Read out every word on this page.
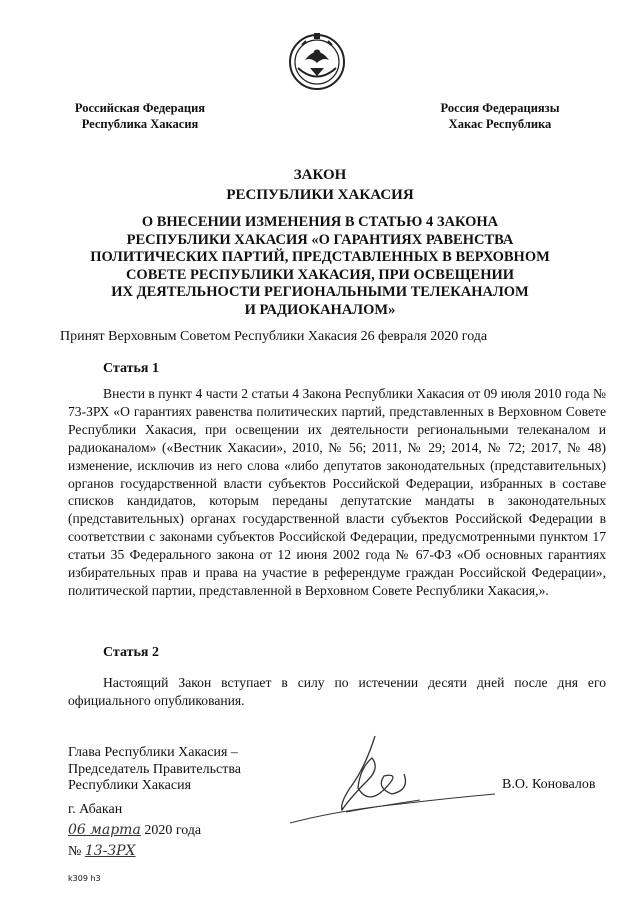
Российская Федерация
Республика Хакасия
Россия Федерациязы
Хакас Республика
ЗАКОН
РЕСПУБЛИКИ ХАКАСИЯ
О ВНЕСЕНИИ ИЗМЕНЕНИЯ В СТАТЬЮ 4 ЗАКОНА
РЕСПУБЛИКИ ХАКАСИЯ «О ГАРАНТИЯХ РАВЕНСТВА
ПОЛИТИЧЕСКИХ ПАРТИЙ, ПРЕДСТАВЛЕННЫХ В ВЕРХОВНОМ
СОВЕТЕ РЕСПУБЛИКИ ХАКАСИЯ, ПРИ ОСВЕЩЕНИИ
ИХ ДЕЯТЕЛЬНОСТИ РЕГИОНАЛЬНЫМИ ТЕЛЕКАНАЛОМ
И РАДИОКАНАЛОМ»
Принят Верховным Советом Республики Хакасия 26 февраля 2020 года
Статья 1
Внести в пункт 4 части 2 статьи 4 Закона Республики Хакасия от 09 июля 2010 года № 73-ЗРХ «О гарантиях равенства политических партий, представленных в Верховном Совете Республики Хакасия, при освещении их деятельности региональными телеканалом и радиоканалом» («Вестник Хакасии», 2010, № 56; 2011, № 29; 2014, № 72; 2017, № 48) изменение, исключив из него слова «либо депутатов законодательных (представительных) органов государственной власти субъектов Российской Федерации, избранных в составе списков кандидатов, которым переданы депутатские мандаты в законодательных (представительных) органах государственной власти субъектов Российской Федерации в соответствии с законами субъектов Российской Федерации, предусмотренными пунктом 17 статьи 35 Федерального закона от 12 июня 2002 года № 67-ФЗ «Об основных гарантиях избирательных прав и права на участие в референдуме граждан Российской Федерации», политической партии, представленной в Верховном Совете Республики Хакасия,».
Статья 2
Настоящий Закон вступает в силу по истечении десяти дней после дня его официального опубликования.
Глава Республики Хакасия –
Председатель Правительства
Республики Хакасия	В.О. Коновалов
г. Абакан
06 марта 2020 года
№ 13-ЗРХ
k309 h3
